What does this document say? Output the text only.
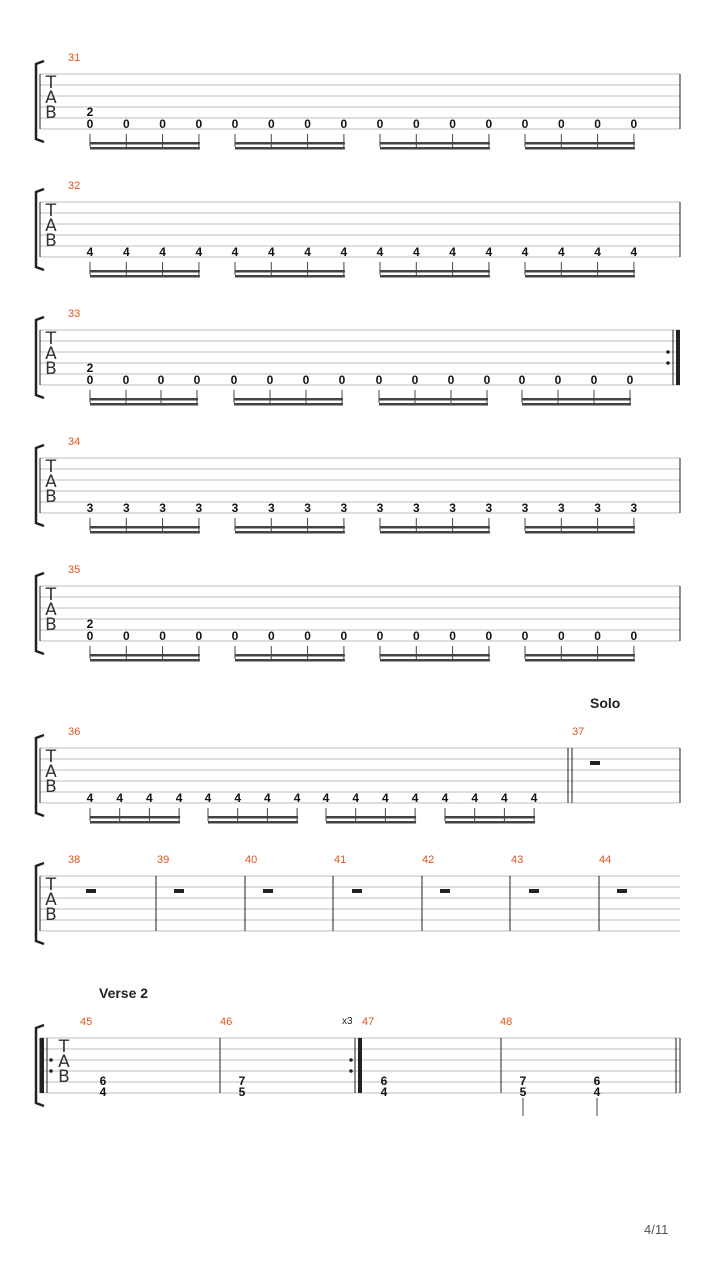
T
A
B
31
2
0 0 0 0 0 0 0 0 0 0 0 0 0 0 0 0
T
A
B
32
4 4 4 4 4 4 4 4 4 4 4 4 4 4 4 4
T
A
B
33
2
0 0 0 0	0 0 0 0	0 0 0 0 0 0 0 0
T
A
B
34
3 3 3 3 3 3 3 3 3 3 3 3 3 3 3 3
T
A
B
35
2
0 0 0 0 0 0 0 0 0 0 0 0 0 0 0 0
T
A
B
Solo
36	37
4 4 4 4 4 4 4 4 4 4 4 4 4 4 4 4
T
A
B
38	39	40	41	42	43	44
T
A
B
Verse 2
x3
45	46	47	48
6
4
7
5
6
4
7
5
6
4
4/11
